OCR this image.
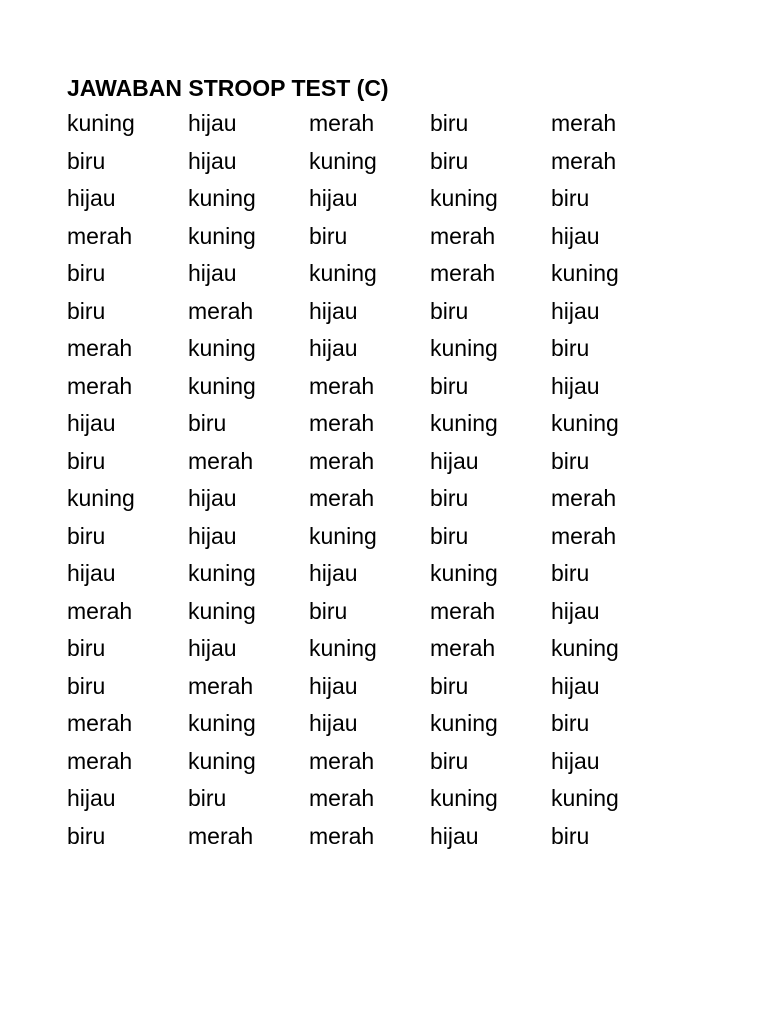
JAWABAN STROOP TEST (C)
kuning	hijau	merah	biru	merah
biru	hijau	kuning	biru	merah
hijau	kuning	hijau	kuning	biru
merah	kuning	biru	merah	hijau
biru	hijau	kuning	merah	kuning
biru	merah	hijau	biru	hijau
merah	kuning	hijau	kuning	biru
merah	kuning	merah	biru	hijau
hijau	biru	merah	kuning	kuning
biru	merah	merah	hijau	biru
kuning	hijau	merah	biru	merah
biru	hijau	kuning	biru	merah
hijau	kuning	hijau	kuning	biru
merah	kuning	biru	merah	hijau
biru	hijau	kuning	merah	kuning
biru	merah	hijau	biru	hijau
merah	kuning	hijau	kuning	biru
merah	kuning	merah	biru	hijau
hijau	biru	merah	kuning	kuning
biru	merah	merah	hijau	biru
